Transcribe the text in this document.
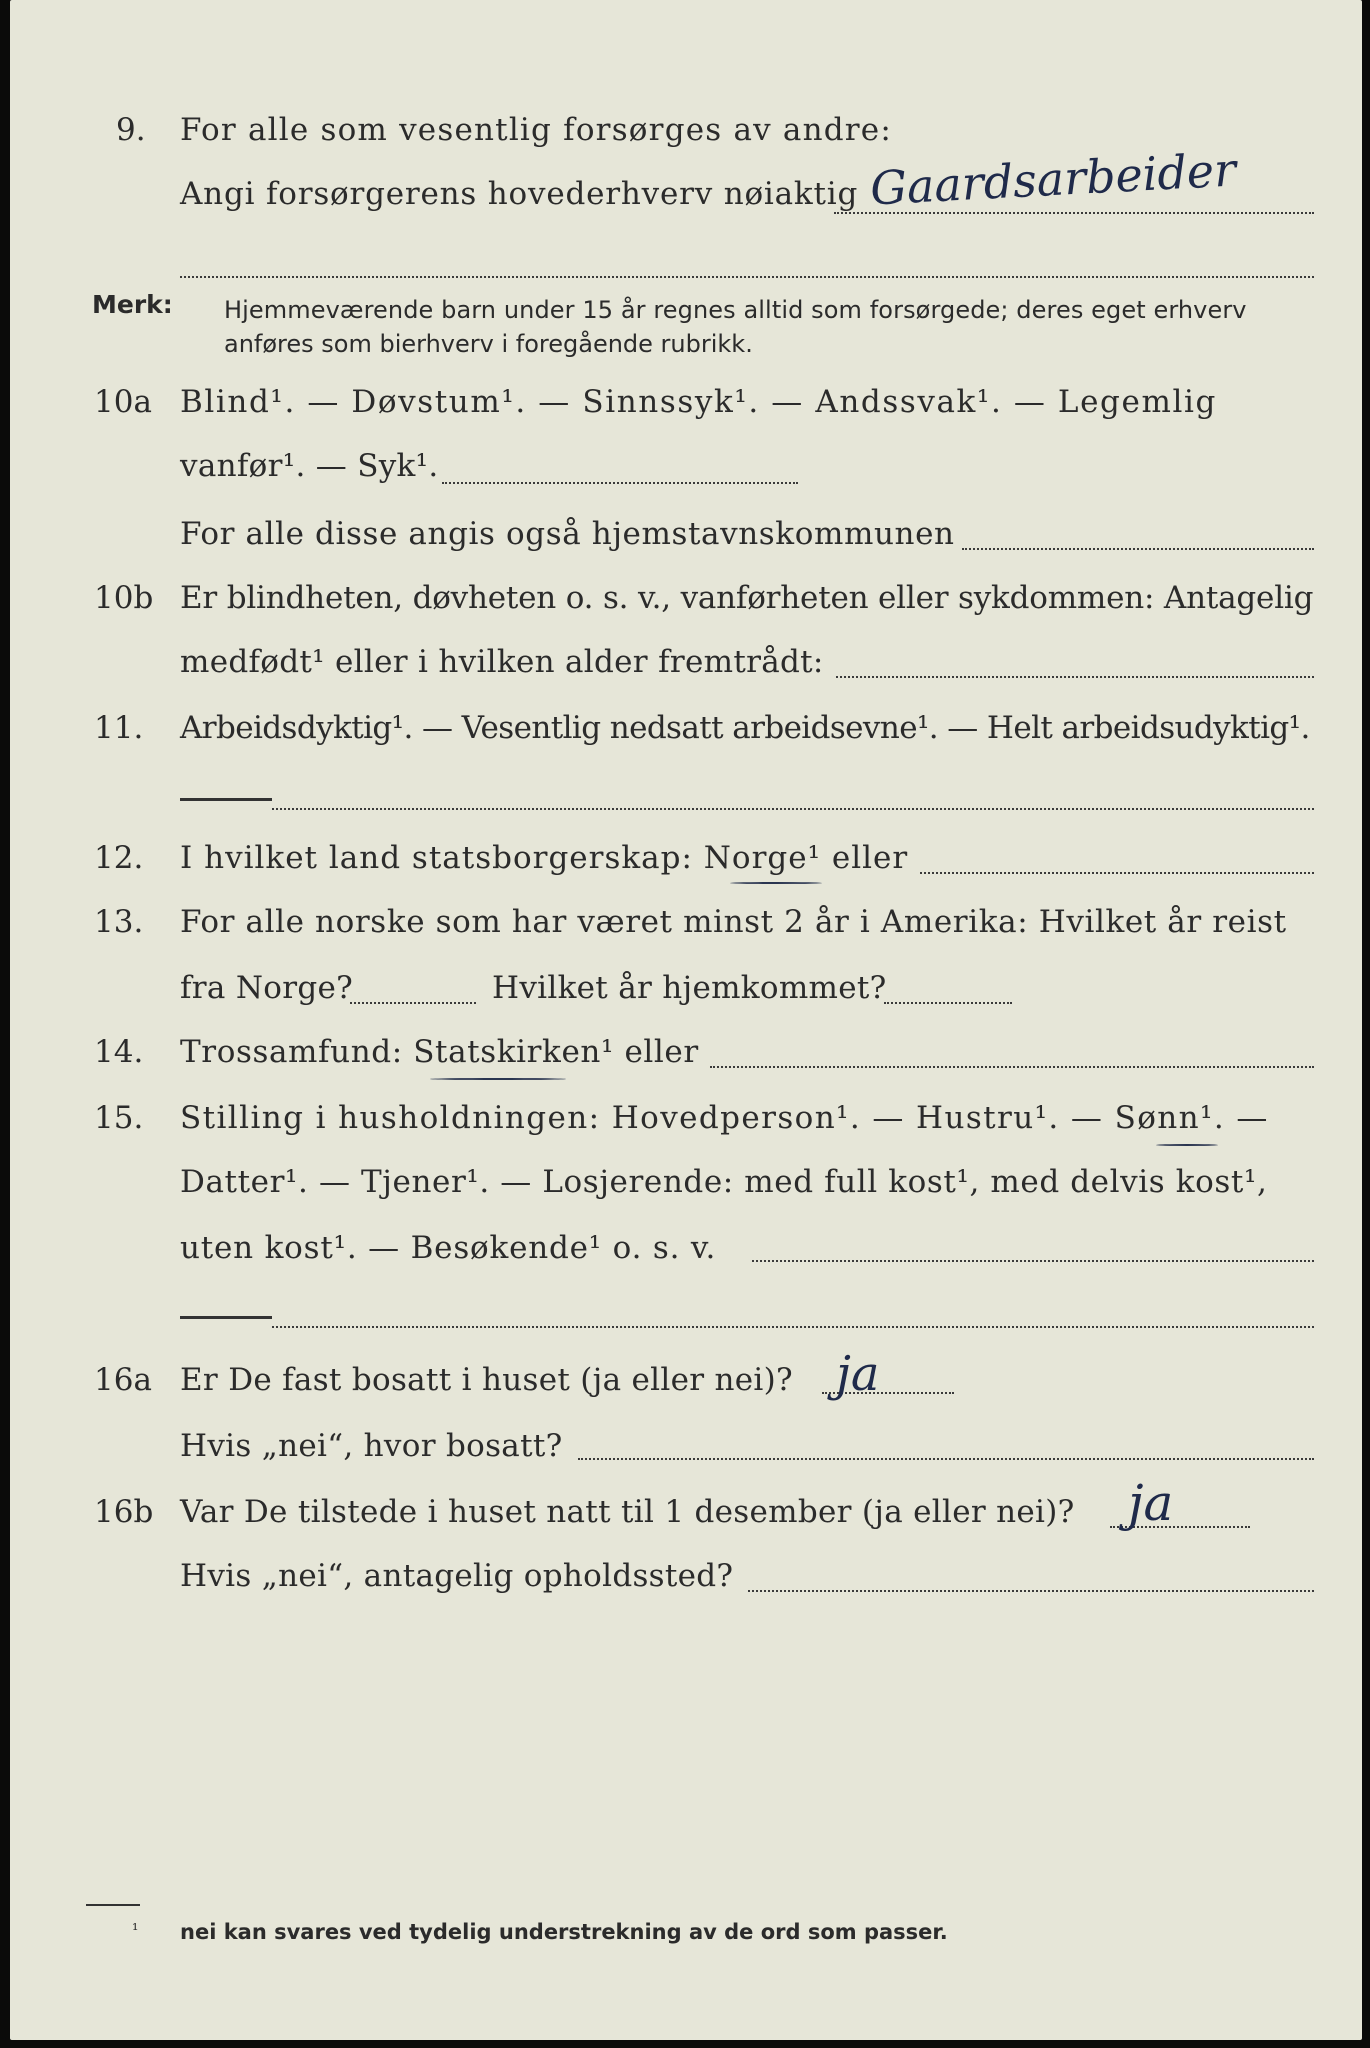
9. For alle som vesentlig forsørges av andre:
Angi forsørgerens hovederhverv nøiaktig Gaardsarbeider
Merk: Hjemmeværende barn under 15 år regnes alltid som forsørgede; deres eget erhverv
anføres som bierhverv i foregående rubrikk.
10a Blind¹. — Døvstum¹. — Sinnssyk¹. — Andssvak¹. — Legemlig
vanfør¹. — Syk¹.
For alle disse angis også hjemstavnskommunen
10b Er blindheten, døvheten o. s. v., vanførheten eller sykdommen: Antagelig
medfødt¹ eller i hvilken alder fremtrådt:
11. Arbeidsdyktig¹. — Vesentlig nedsatt arbeidsevne¹. — Helt arbeidsudyktig¹.
12. I hvilket land statsborgerskap: Norge¹ eller
13. For alle norske som har været minst 2 år i Amerika: Hvilket år reist
fra Norge?	Hvilket år hjemkommet?
14. Trossamfund: Statskirken¹ eller
15. Stilling i husholdningen: Hovedperson¹. — Hustru¹. — Sønn¹. —
Datter¹. — Tjener¹. — Losjerende: med full kost¹, med delvis kost¹,
uten kost¹. — Besøkende¹ o. s. v.
16a Er De fast bosatt i huset (ja eller nei)? ja
Hvis „nei“, hvor bosatt?
16b Var De tilstede i huset natt til 1 desember (ja eller nei)? ja
Hvis „nei“, antagelig opholdssted?
¹ nei kan svares ved tydelig understrekning av de ord som passer.
